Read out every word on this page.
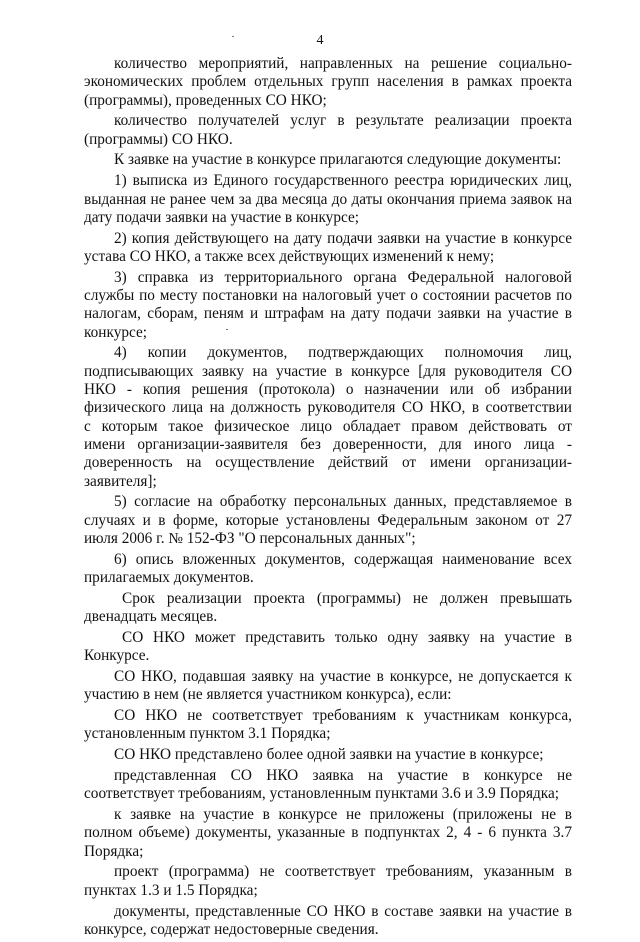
4

количество мероприятий, направленных на решение социально-экономических проблем отдельных групп населения в рамках проекта (программы), проведенных СО НКО;

количество получателей услуг в результате реализации проекта (программы) СО НКО.

К заявке на участие в конкурсе прилагаются следующие документы:

1) выписка из Единого государственного реестра юридических лиц, выданная не ранее чем за два месяца до даты окончания приема заявок на дату подачи заявки на участие в конкурсе;

2) копия действующего на дату подачи заявки на участие в конкурсе устава СО НКО, а также всех действующих изменений к нему;

3) справка из территориального органа Федеральной налоговой службы по месту постановки на налоговый учет о состоянии расчетов по налогам, сборам, пеням и штрафам на дату подачи заявки на участие в конкурсе;

4) копии документов, подтверждающих полномочия лиц, подписывающих заявку на участие в конкурсе [для руководителя СО НКО - копия решения (протокола) о назначении или об избрании физического лица на должность руководителя СО НКО, в соответствии с которым такое физическое лицо обладает правом действовать от имени организации-заявителя без доверенности, для иного лица - доверенность на осуществление действий от имени организации-заявителя];

5) согласие на обработку персональных данных, представляемое в случаях и в форме, которые установлены Федеральным законом от 27 июля 2006 г. № 152-ФЗ "О персональных данных";

6) опись вложенных документов, содержащая наименование всех прилагаемых документов.

Срок реализации проекта (программы) не должен превышать двенадцать месяцев.

СО НКО может представить только одну заявку на участие в Конкурсе.

СО НКО, подавшая заявку на участие в конкурсе, не допускается к участию в нем (не является участником конкурса), если:

СО НКО не соответствует требованиям к участникам конкурса, установленным пунктом 3.1 Порядка;

СО НКО представлено более одной заявки на участие в конкурсе;

представленная СО НКО заявка на участие в конкурсе не соответствует требованиям, установленным пунктами 3.6 и 3.9 Порядка;

к заявке на участие в конкурсе не приложены (приложены не в полном объеме) документы, указанные в подпунктах 2, 4 - 6 пункта 3.7 Порядка;

проект (программа) не соответствует требованиям, указанным в пунктах 1.3 и 1.5 Порядка;

документы, представленные СО НКО в составе заявки на участие в конкурсе, содержат недостоверные сведения.
